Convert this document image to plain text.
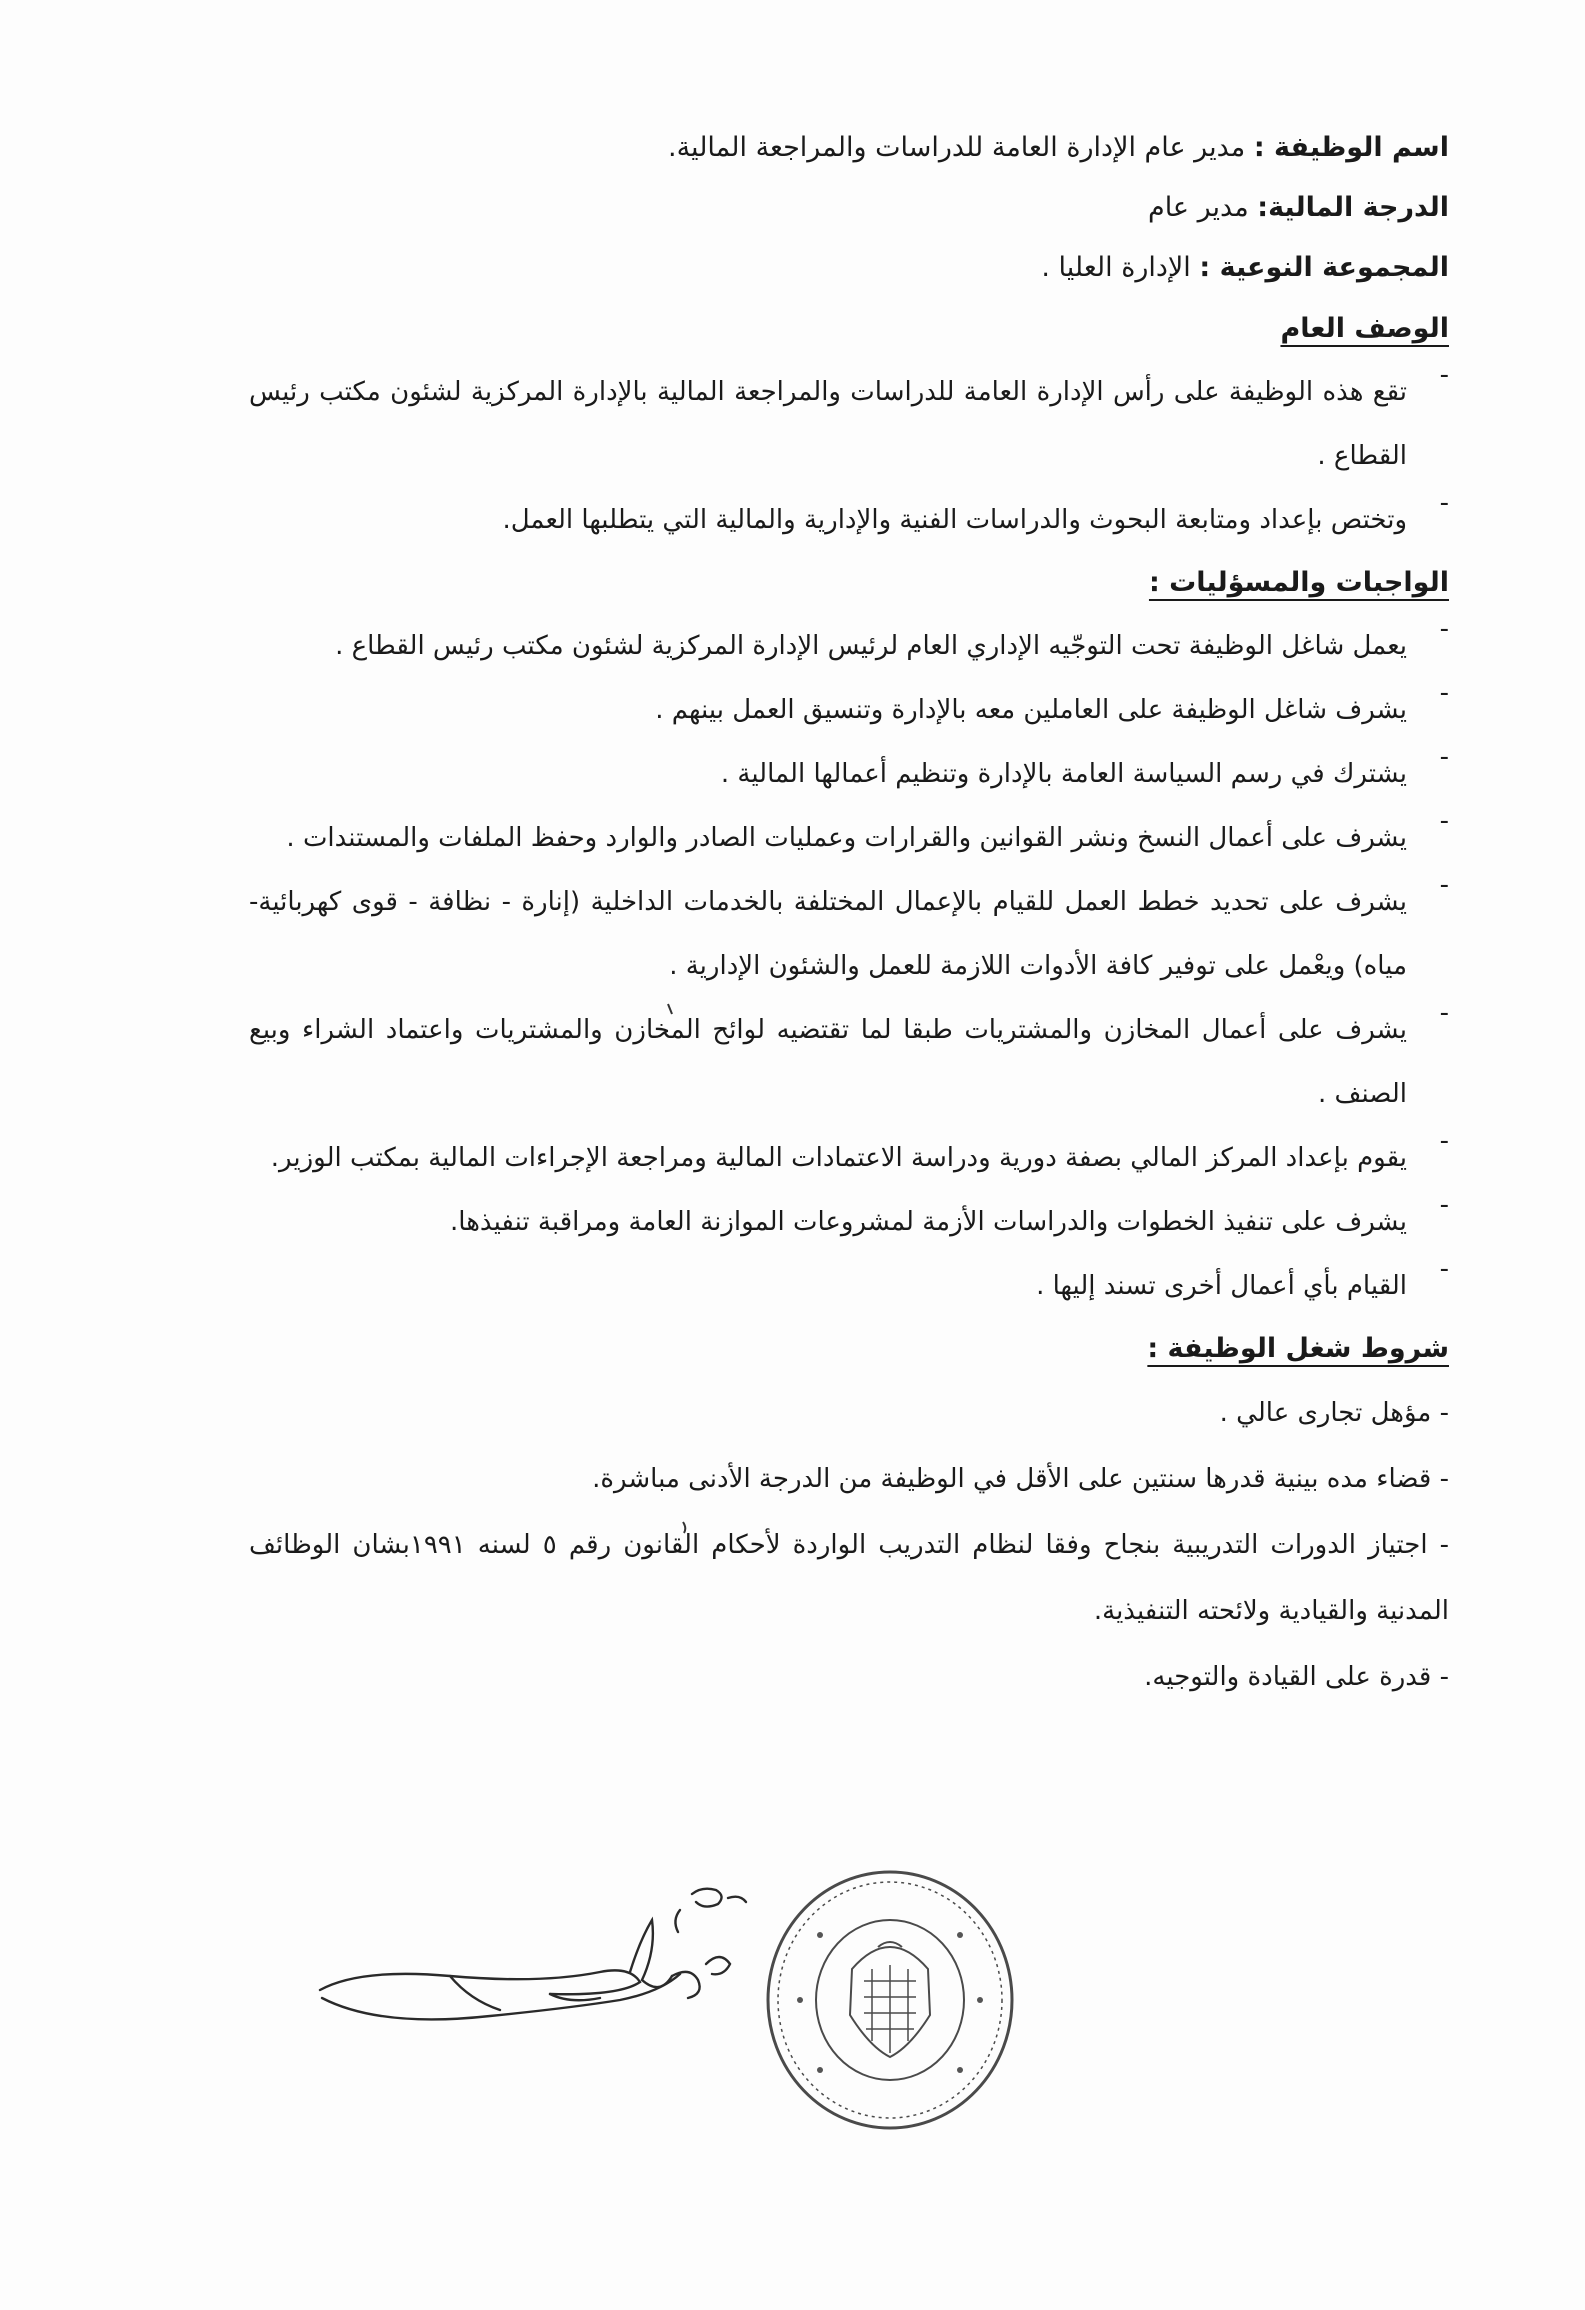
اسم الوظيفة : مدير عام الإدارة العامة للدراسات والمراجعة المالية.
الدرجة المالية: مدير عام
المجموعة النوعية : الإدارة العليا .
الوصف العام
-
تقع هذه الوظيفة على رأس الإدارة العامة للدراسات والمراجعة المالية بالإدارة المركزية لشئون مكتب رئيس القطاع .
-
وتختص بإعداد ومتابعة البحوث والدراسات الفنية والإدارية والمالية التي يتطلبها العمل.
الواجبات والمسؤليات :
-
يعمل شاغل الوظيفة تحت التوجّيه الإداري العام لرئيس الإدارة المركزية لشئون مكتب رئيس القطاع .
-
يشرف شاغل الوظيفة على العاملين معه بالإدارة وتنسيق العمل بينهم .
-
يشترك في رسم السياسة العامة بالإدارة وتنظيم أعمالها المالية .
-
يشرف على أعمال النسخ ونشر القوانين والقرارات وعمليات الصادر والوارد وحفظ الملفات والمستندات .
-
يشرف على تحديد خطط العمل للقيام بالإعمال المختلفة بالخدمات الداخلية (إنارة - نظافة - قوى كهربائية- مياه) ويعْمل على توفير كافة الأدوات اللازمة للعمل والشئون الإدارية .
-
يشرف على أعمال المخازن والمشتريات طبقا لما تقتضيه لوائح المخازن والمشتريات واعتماد الشراء وبيع الصنف .
-
يقوم بإعداد المركز المالي بصفة دورية ودراسة الاعتمادات المالية ومراجعة الإجراءات المالية بمكتب الوزير.
-
يشرف على تنفيذ الخطوات والدراسات الأزمة لمشروعات الموازنة العامة ومراقبة تنفيذها.
-
القيام بأي أعمال أخرى تسند إليها .
شروط شغل الوظيفة :
- مؤهل تجارى عالي .
- قضاء مده بينية قدرها سنتين على الأقل في الوظيفة من الدرجة الأدنى مباشرة.
- اجتياز الدورات التدريبية بنجاح وفقا لنظام التدريب الواردة لأحكام القانون رقم ٥ لسنه ١٩٩١بشان الوظائف المدنية والقيادية ولائحته التنفيذية.
- قدرة على القيادة والتوجيه.
